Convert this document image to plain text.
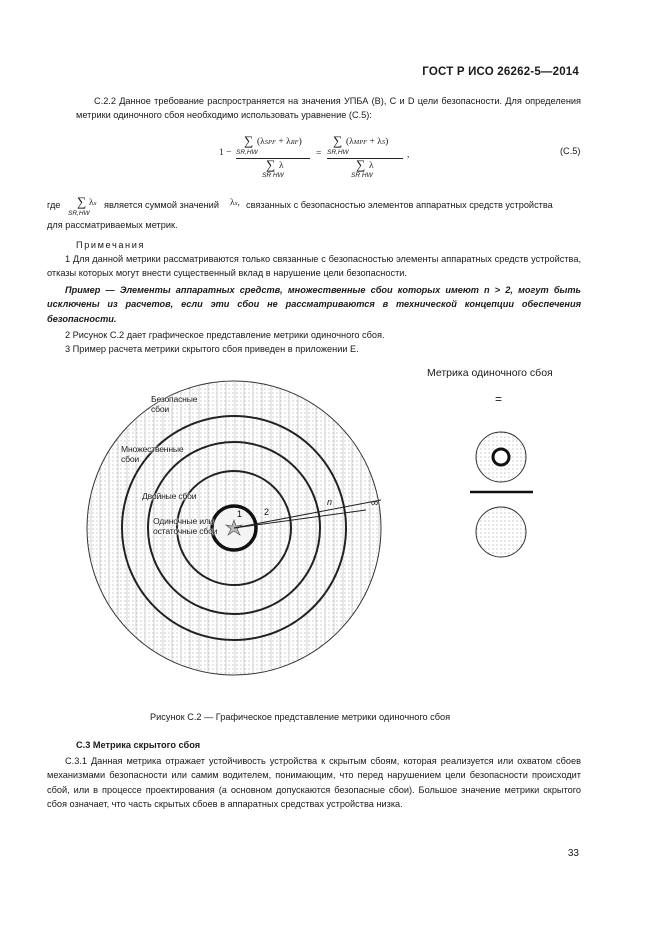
ГОСТ Р ИСО 26262-5—2014
С.2.2 Данное требование распространяется на значения УПБА (B), C и D цели безопасности. Для определения метрики одиночного сбоя необходимо использовать уравнение (С.5):
1 −
∑ (λSPF + λRF)
SR,HW
∑ λ
SR HW
=
∑ (λMPF + λS)
SR,HW
∑ λ
SR HW
,	(C.5)
где ∑ λx
SR,HW
является суммой значений λx, связанных с безопасностью элементов аппаратных средств устройства
для рассматриваемых метрик.
Примечания
1 Для данной метрики рассматриваются только связанные с безопасностью элементы аппаратных средств устройства, отказы которых могут внести существенный вклад в нарушение цели безопасности.
Пример — Элементы аппаратных средств, множественные сбои которых имеют n > 2, могут быть исключены из расчетов, если эти сбои не рассматриваются в технической концепции обеспечения безопасности.
2 Рисунок С.2 дает графическое представление метрики одиночного сбоя.
3 Пример расчета метрики скрытого сбоя приведен в приложении Е.
1 2
n	∞
Безопасные сбои
Множественные сбои
Двойные сбои
Одиночные или остаточные сбои
Метрика одиночного сбоя
=
Рисунок С.2 — Графическое представление метрики одиночного сбоя
С.3 Метрика скрытого сбоя
С.3.1 Данная метрика отражает устойчивость устройства к скрытым сбоям, которая реализуется или охватом сбоев механизмами безопасности или самим водителем, понимающим, что перед нарушением цели безопасности происходит сбой, или в процессе проектирования (а основном допускаются безопасные сбои). Большое значение метрики скрытого сбоя означает, что часть скрытых сбоев в аппаратных средствах устройства низка.
33
